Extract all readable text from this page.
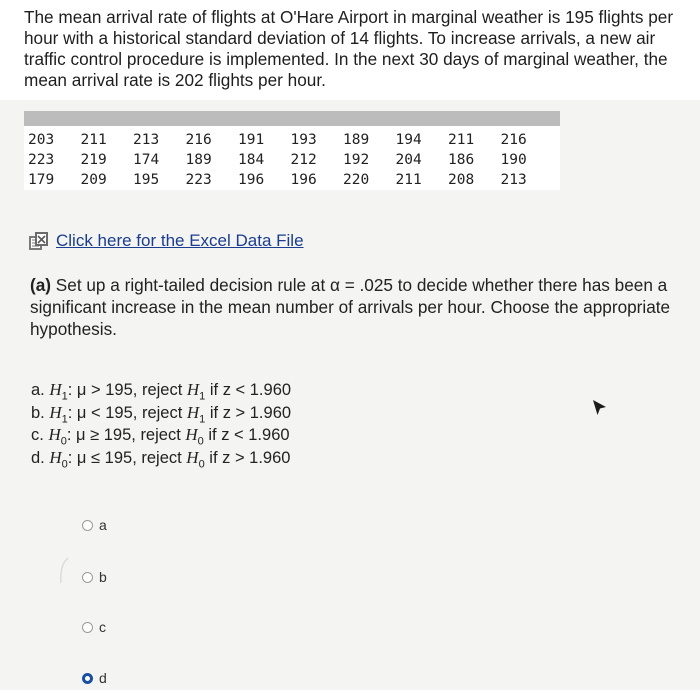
The mean arrival rate of flights at O'Hare Airport in marginal weather is 195 flights per hour with a historical standard deviation of 14 flights. To increase arrivals, a new air traffic control procedure is implemented. In the next 30 days of marginal weather, the mean arrival rate is 202 flights per hour.

203	211	213	216	191	193	189	194	211	216
223	219	174	189	184	212	192	204	186	190
179	209	195	223	196	196	220	211	208	213
Click here for the Excel Data File

(a) Set up a right-tailed decision rule at α = .025 to decide whether there has been a significant increase in the mean number of arrivals per hour. Choose the appropriate hypothesis.

a. $H_1$: μ > 195, reject $H_1$ if z < 1.960
b. $H_1$: μ < 195, reject $H_1$ if z > 1.960
c. $H_0$: μ ≥ 195, reject $H_0$ if z < 1.960
d. $H_0$: μ ≤ 195, reject $H_0$ if z > 1.960
a
b
c
d
